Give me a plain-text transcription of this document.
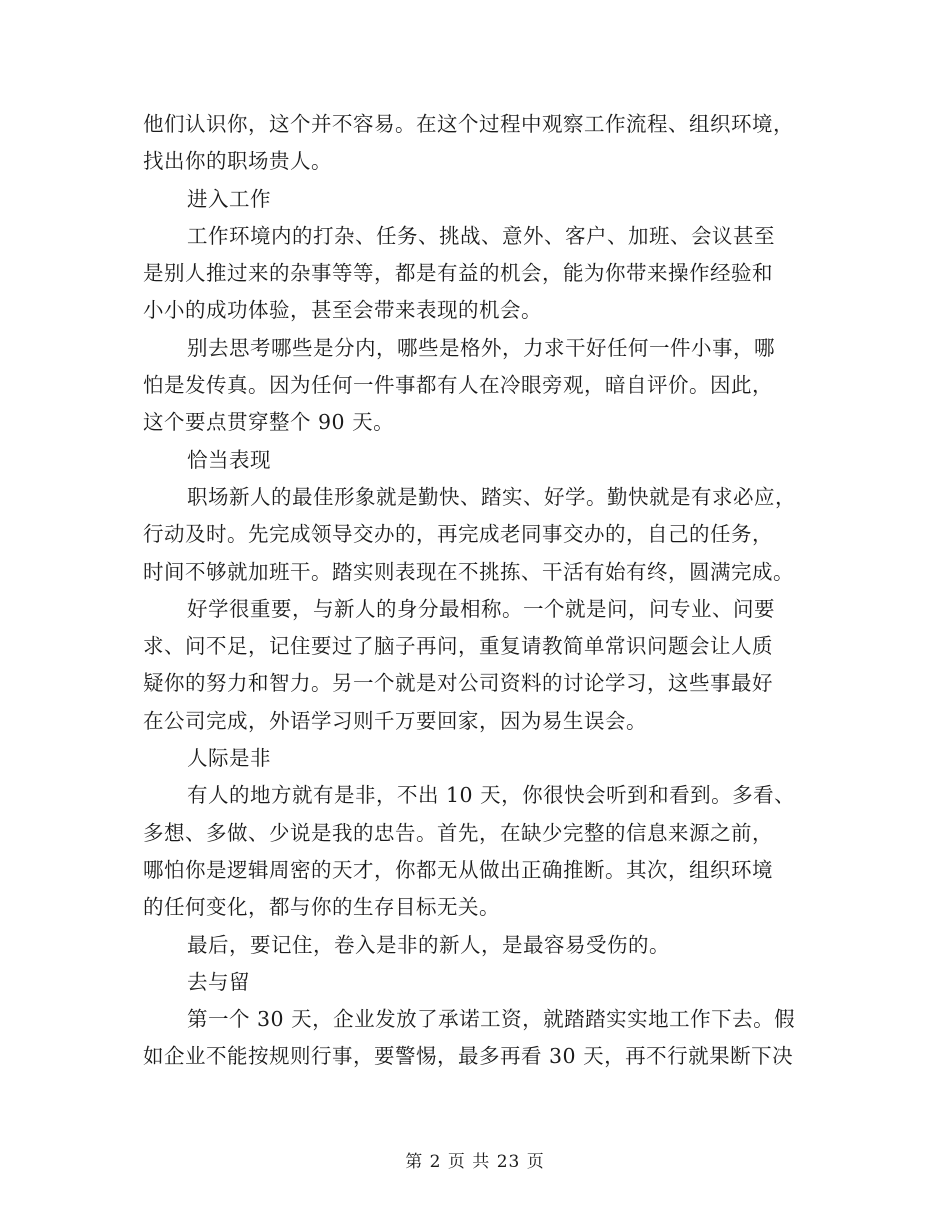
他们认识你，这个并不容易。在这个过程中观察工作流程、组织环境，
找出你的职场贵人。
进入工作
工作环境内的打杂、任务、挑战、意外、客户、加班、会议甚至
是别人推过来的杂事等等，都是有益的机会，能为你带来操作经验和
小小的成功体验，甚至会带来表现的机会。
别去思考哪些是分内，哪些是格外，力求干好任何一件小事，哪
怕是发传真。因为任何一件事都有人在冷眼旁观，暗自评价。因此，
这个要点贯穿整个 90 天。
恰当表现
职场新人的最佳形象就是勤快、踏实、好学。勤快就是有求必应，
行动及时。先完成领导交办的，再完成老同事交办的，自己的任务，
时间不够就加班干。踏实则表现在不挑拣、干活有始有终，圆满完成。
好学很重要，与新人的身分最相称。一个就是问，问专业、问要
求、问不足，记住要过了脑子再问，重复请教简单常识问题会让人质
疑你的努力和智力。另一个就是对公司资料的讨论学习，这些事最好
在公司完成，外语学习则千万要回家，因为易生误会。
人际是非
有人的地方就有是非，不出 10 天，你很快会听到和看到。多看、
多想、多做、少说是我的忠告。首先，在缺少完整的信息来源之前，
哪怕你是逻辑周密的天才，你都无从做出正确推断。其次，组织环境
的任何变化，都与你的生存目标无关。
最后，要记住，卷入是非的新人，是最容易受伤的。
去与留
第一个 30 天，企业发放了承诺工资，就踏踏实实地工作下去。假
如企业不能按规则行事，要警惕，最多再看 30 天，再不行就果断下决
第 2 页 共 23 页
